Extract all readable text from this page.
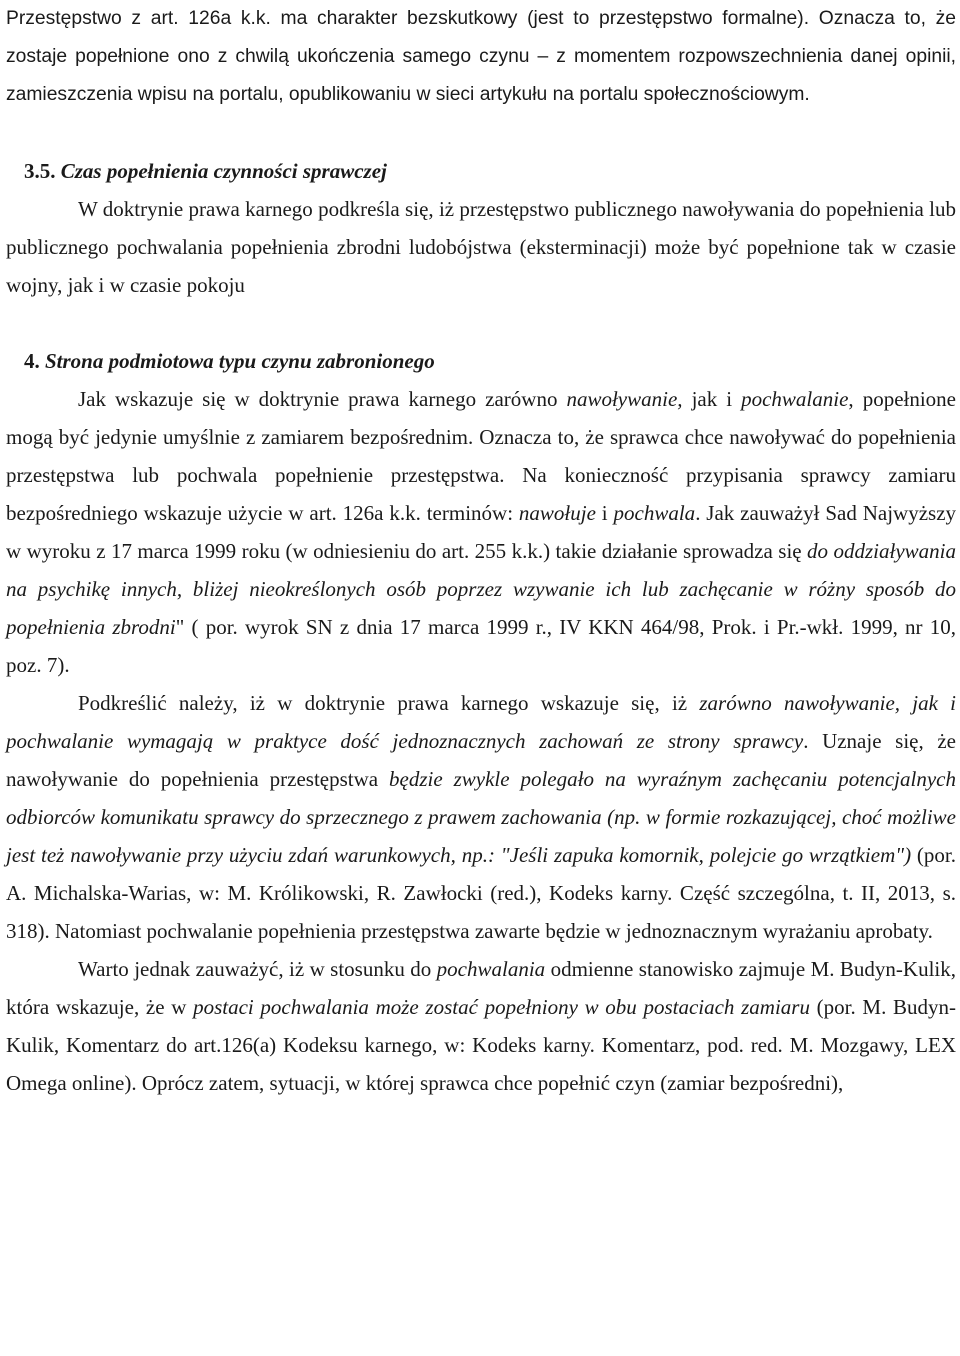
Przestępstwo z art. 126a k.k. ma charakter bezskutkowy (jest to przestępstwo formalne). Oznacza to, że zostaje popełnione ono z chwilą ukończenia samego czynu – z momentem rozpowszechnienia danej opinii, zamieszczenia wpisu na portalu, opublikowaniu w sieci artykułu na portalu społecznościowym.

3.5. Czas popełnienia czynności sprawczej

W doktrynie prawa karnego podkreśla się, iż przestępstwo publicznego nawoływania do popełnienia lub publicznego pochwalania popełnienia zbrodni ludobójstwa (eksterminacji) może być popełnione tak w czasie wojny, jak i w czasie pokoju

4. Strona podmiotowa typu czynu zabronionego

Jak wskazuje się w doktrynie prawa karnego zarówno nawoływanie, jak i pochwalanie, popełnione mogą być jedynie umyślnie z zamiarem bezpośrednim. Oznacza to, że sprawca chce nawoływać do popełnienia przestępstwa lub pochwala popełnienie przestępstwa. Na konieczność przypisania sprawcy zamiaru bezpośredniego wskazuje użycie w art. 126a k.k. terminów: nawołuje i pochwala. Jak zauważył Sad Najwyższy w wyroku z 17 marca 1999 roku (w odniesieniu do art. 255 k.k.) takie działanie sprowadza się do oddziaływania na psychikę innych, bliżej nieokreślonych osób poprzez wzywanie ich lub zachęcanie w różny sposób do popełnienia zbrodni" ( por. wyrok SN z dnia 17 marca 1999 r., IV KKN 464/98, Prok. i Pr.-wkł. 1999, nr 10, poz. 7).

Podkreślić należy, iż w doktrynie prawa karnego wskazuje się, iż zarówno nawoływanie, jak i pochwalanie wymagają w praktyce dość jednoznacznych zachowań ze strony sprawcy. Uznaje się, że nawoływanie do popełnienia przestępstwa będzie zwykle polegało na wyraźnym zachęcaniu potencjalnych odbiorców komunikatu sprawcy do sprzecznego z prawem zachowania (np. w formie rozkazującej, choć możliwe jest też nawoływanie przy użyciu zdań warunkowych, np.: "Jeśli zapuka komornik, polejcie go wrzątkiem") (por. A. Michalska-Warias, w: M. Królikowski, R. Zawłocki (red.), Kodeks karny. Część szczególna, t. II, 2013, s. 318). Natomiast pochwalanie popełnienia przestępstwa zawarte będzie w jednoznacznym wyrażaniu aprobaty.

Warto jednak zauważyć, iż w stosunku do pochwalania odmienne stanowisko zajmuje M. Budyn-Kulik, która wskazuje, że w postaci pochwalania może zostać popełniony w obu postaciach zamiaru (por. M. Budyn-Kulik, Komentarz do art.126(a) Kodeksu karnego, w: Kodeks karny. Komentarz, pod. red. M. Mozgawy, LEX Omega online). Oprócz zatem, sytuacji, w której sprawca chce popełnić czyn (zamiar bezpośredni),
